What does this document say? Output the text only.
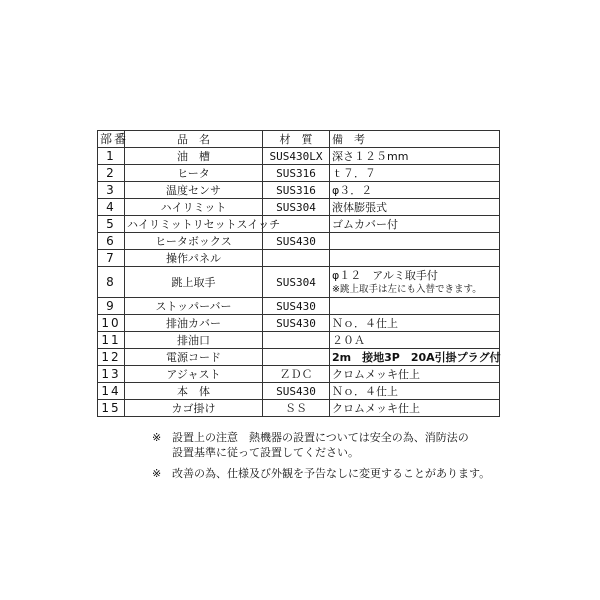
部番	品　名	材　質	備　考
1	油　槽	SUS430LX	深さ１２５mm

2	ヒータ	SUS316	ｔ７．７

3	温度センサ	SUS316	φ３．２

4	ハイリミット	SUS304	液体膨張式

5	ハイリミットリセットスイッチ		ゴムカバー付

6	ヒータボックス	SUS430	

7	操作パネル		

8	跳上取手	SUS304	φ１２　アルミ取手付
※跳上取手は左にも入替できます。

9	ストッパーバー	SUS430	

10	排油カバー	SUS430	Ｎｏ．４仕上

11	排油口		２０Ａ

12	電源コード		2m　接地3P　20A引掛プラグ付

13	アジャスト	ＺＤＣ	クロムメッキ仕上

14	本　体	SUS430	Ｎｏ．４仕上

15	カゴ掛け	ＳＳ	クロムメッキ仕上
※ 設置上の注意　熱機器の設置については安全の為、消防法の
設置基準に従って設置してください。
※ 改善の為、仕様及び外観を予告なしに変更することがあります。
